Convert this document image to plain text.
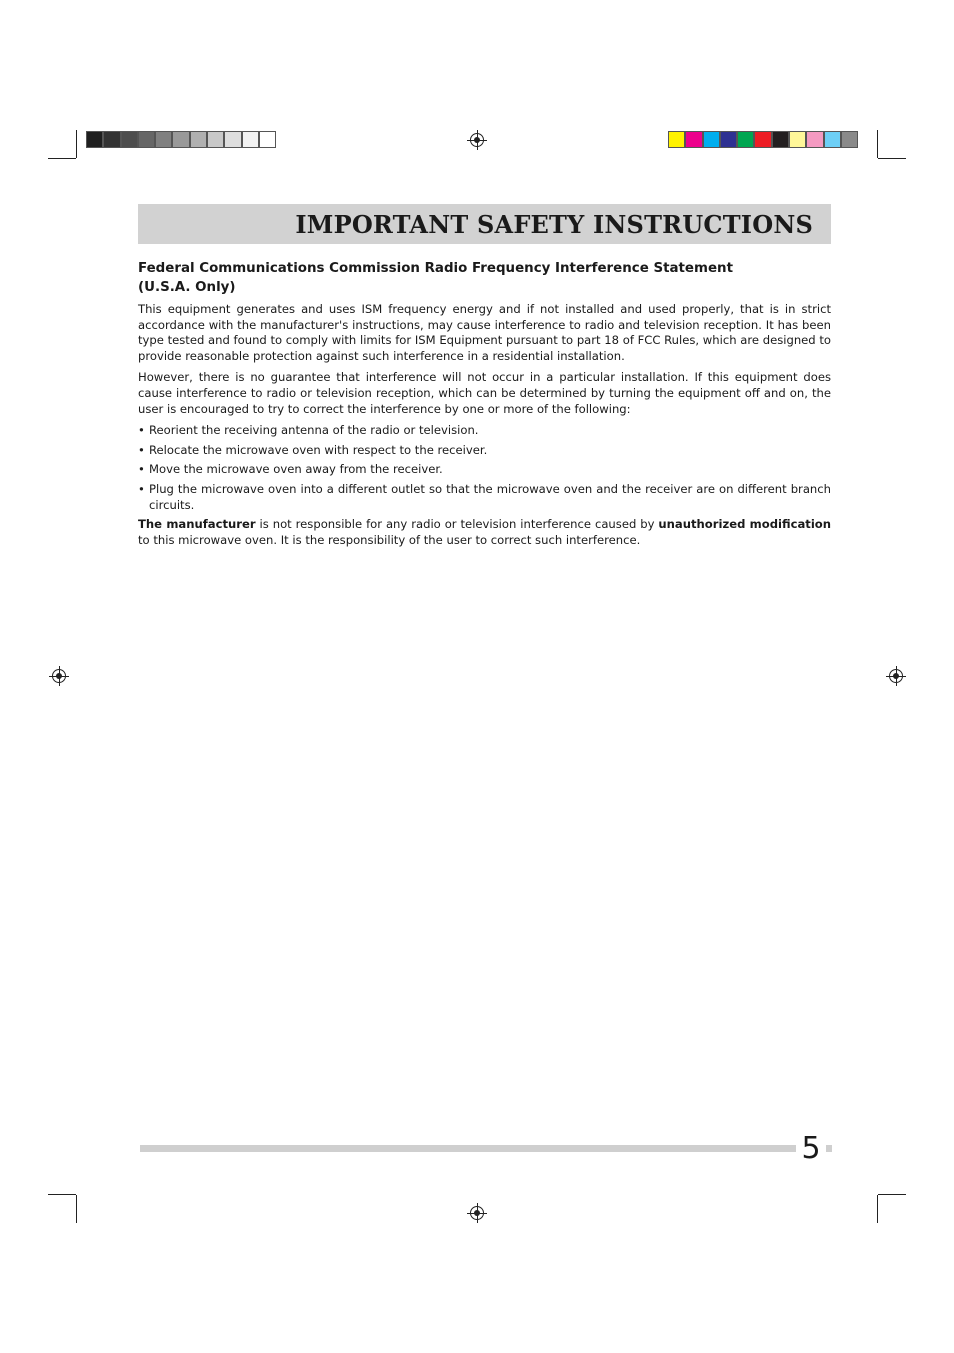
IMPORTANT SAFETY INSTRUCTIONS
Federal Communications Commission Radio Frequency Interference Statement
(U.S.A. Only)

This equipment generates and uses ISM frequency energy and if not installed and used properly, that is in strict accordance with the manufacturer's instructions, may cause interference to radio and television reception. It has been type tested and found to comply with limits for ISM Equipment pursuant to part 18 of FCC Rules, which are designed to provide reasonable protection against such interference in a residential installation.

However, there is no guarantee that interference will not occur in a particular installation. If this equipment does cause interference to radio or television reception, which can be determined by turning the equipment off and on, the user is encouraged to try to correct the interference by one or more of the following:

• Reorient the receiving antenna of the radio or television.
• Relocate the microwave oven with respect to the receiver.
• Move the microwave oven away from the receiver.
• Plug the microwave oven into a different outlet so that the microwave oven and the receiver are on different branch circuits.

The manufacturer is not responsible for any radio or television interference caused by unauthorized modification to this microwave oven. It is the responsibility of the user to correct such interference.

5
